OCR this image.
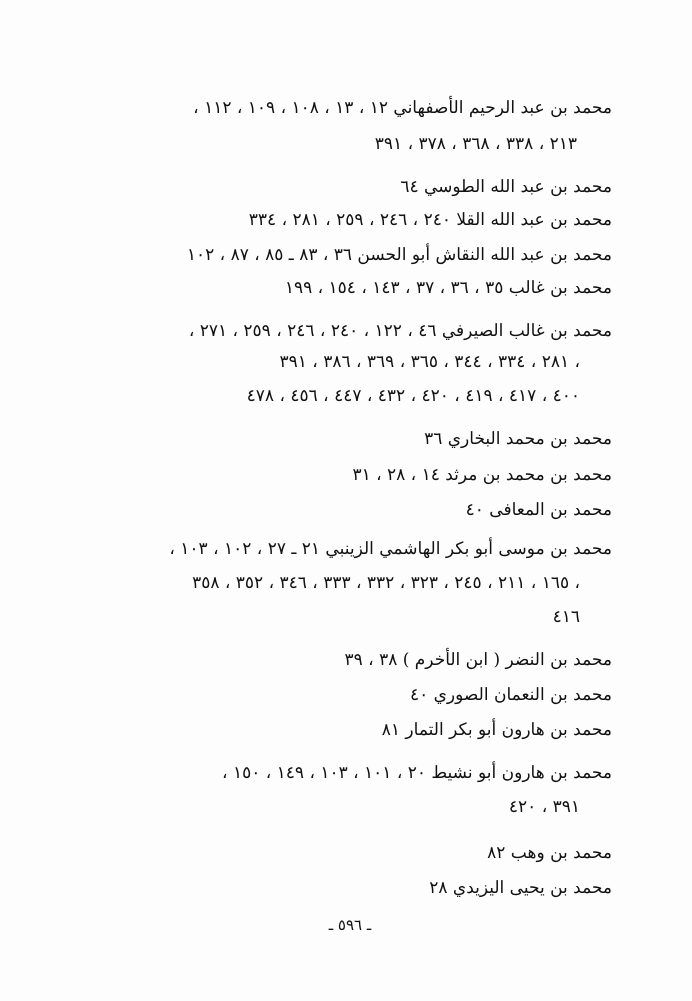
محمد بن عبد الرحيم الأصفهاني ١٢ ، ١٣ ، ١٠٨ ، ١٠٩ ، ١١٢ ،
٢١٣ ، ٣٣٨ ، ٣٦٨ ، ٣٧٨ ، ٣٩١
محمد بن عبد الله الطوسي ٦٤
محمد بن عبد الله القلا ٢٤٠ ، ٢٤٦ ، ٢٥٩ ، ٢٨١ ، ٣٣٤
محمد بن عبد الله النقاش أبو الحسن ٣٦ ، ٨٣ ـ ٨٥ ، ٨٧ ، ١٠٢
محمد بن غالب ٣٥ ، ٣٦ ، ٣٧ ، ١٤٣ ، ١٥٤ ، ١٩٩
محمد بن غالب الصيرفي ٤٦ ، ١٢٢ ، ٢٤٠ ، ٢٤٦ ، ٢٥٩ ، ٢٧١ ،
٢٨١ ، ٣٣٤ ، ٣٤٤ ، ٣٦٥ ، ٣٦٩ ، ٣٨٦ ، ٣٩١ ،
٤٠٠ ، ٤١٧ ، ٤١٩ ، ٤٢٠ ، ٤٣٢ ، ٤٤٧ ، ٤٥٦ ، ٤٧٨
محمد بن محمد البخاري ٣٦
محمد بن محمد بن مرثد ١٤ ، ٢٨ ، ٣١
محمد بن المعافى ٤٠
محمد بن موسى أبو بكر الهاشمي الزينبي ٢١ ـ ٢٧ ، ١٠٢ ، ١٠٣ ،
١٦٥ ، ٢١١ ، ٢٤٥ ، ٣٢٣ ، ٣٣٢ ، ٣٣٣ ، ٣٤٦ ، ٣٥٢ ، ٣٥٨ ،
٤١٦
محمد بن النضر ( ابن الأخرم ) ٣٨ ، ٣٩
محمد بن النعمان الصوري ٤٠
محمد بن هارون أبو بكر التمار ٨١
محمد بن هارون أبو نشيط ٢٠ ، ١٠١ ، ١٠٣ ، ١٤٩ ، ١٥٠ ،
٣٩١ ، ٤٢٠
محمد بن وهب ٨٢
محمد بن يحيى اليزيدي ٢٨
ـ ٥٩٦ ـ
